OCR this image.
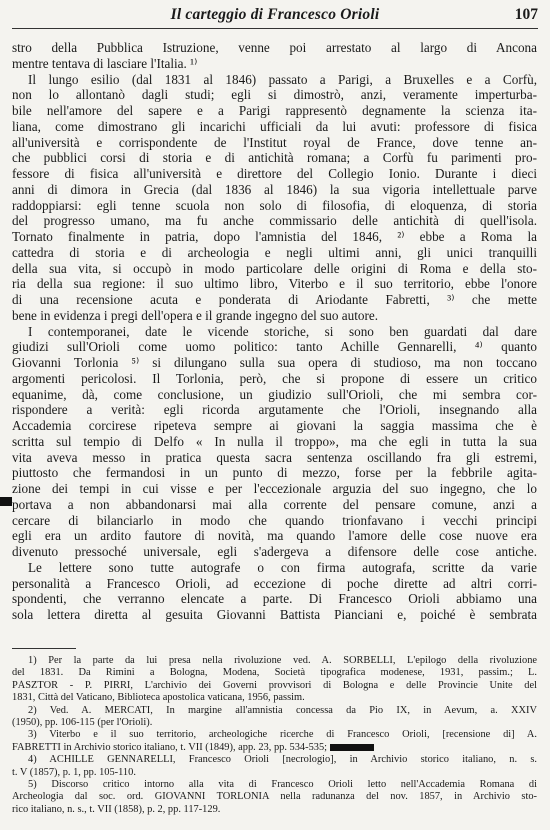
Il carteggio di Francesco Orioli	107
stro della Pubblica Istruzione, venne poi arrestato al largo di Ancona
mentre tentava di lasciare l'Italia. ¹⁾
Il lungo esilio (dal 1831 al 1846) passato a Parigi, a Bruxelles e a Corfù,
non lo allontanò dagli studi; egli si dimostrò, anzi, veramente imperturba-
bile nell'amore del sapere e a Parigi rappresentò degnamente la scienza ita-
liana, come dimostrano gli incarichi ufficiali da lui avuti: professore di fisica
all'università e corrispondente de l'Institut royal de France, dove tenne an-
che pubblici corsi di storia e di antichità romana; a Corfù fu parimenti pro-
fessore di fisica all'università e direttore del Collegio Ionio. Durante i dieci
anni di dimora in Grecia (dal 1836 al 1846) la sua vigoria intellettuale parve
raddoppiarsi: egli tenne scuola non solo di filosofia, di eloquenza, di storia
del progresso umano, ma fu anche commissario delle antichità di quell'isola.
Tornato finalmente in patria, dopo l'amnistia del 1846, ²⁾ ebbe a Roma la
cattedra di storia e di archeologia e negli ultimi anni, gli unici tranquilli
della sua vita, si occupò in modo particolare delle origini di Roma e della sto-
ria della sua regione: il suo ultimo libro, Viterbo e il suo territorio, ebbe l'onore
di una recensione acuta e ponderata di Ariodante Fabretti, ³⁾ che mette
bene in evidenza i pregi dell'opera e il grande ingegno del suo autore.
I contemporanei, date le vicende storiche, si sono ben guardati dal dare
giudizi sull'Orioli come uomo politico: tanto Achille Gennarelli, ⁴⁾ quanto
Giovanni Torlonia ⁵⁾ si dilungano sulla sua opera di studioso, ma non toccano
argomenti pericolosi. Il Torlonia, però, che si propone di essere un critico
equanime, dà, come conclusione, un giudizio sull'Orioli, che mi sembra cor-
rispondere a verità: egli ricorda argutamente che l'Orioli, insegnando alla
Accademia corcirese ripeteva sempre ai giovani la saggia massima che è
scritta sul tempio di Delfo « In nulla il troppo», ma che egli in tutta la sua
vita aveva messo in pratica questa sacra sentenza oscillando fra gli estremi,
piuttosto che fermandosi in un punto di mezzo, forse per la febbrile agita-
zione dei tempi in cui visse e per l'eccezionale arguzia del suo ingegno, che lo
portava a non abbandonarsi mai alla corrente del pensare comune, anzi a
cercare di bilanciarlo in modo che quando trionfavano i vecchi principi
egli era un ardito fautore di novità, ma quando l'amore delle cose nuove era
divenuto pressoché universale, egli s'adergeva a difensore delle cose antiche.
Le lettere sono tutte autografe o con firma autografa, scritte da varie
personalità a Francesco Orioli, ad eccezione di poche dirette ad altri corri-
spondenti, che verranno elencate a parte. Di Francesco Orioli abbiamo una
sola lettera diretta al gesuita Giovanni Battista Pianciani e, poiché è sembrata
1) Per la parte da lui presa nella rivoluzione ved. A. SORBELLI, L'epilogo della rivoluzione
del 1831. Da Rimini a Bologna, Modena, Società tipografica modenese, 1931, passim.; L.
PÁSZTOR - P. PIRRI, L'archivio dei Governi provvisori di Bologna e delle Provincie Unite del
1831, Città del Vaticano, Biblioteca apostolica vaticana, 1956, passim.
2) Ved. A. MERCATI, In margine all'amnistia concessa da Pio IX, in Aevum, a. XXIV
(1950), pp. 106-115 (per l'Orioli).
3) Viterbo e il suo territorio, archeologiche ricerche di Francesco Orioli, [recensione di] A.
FABRETTI in Archivio storico italiano, t. VII (1849), app. 23, pp. 534-535;
4) ACHILLE GENNARELLI, Francesco Orioli [necrologio], in Archivio storico italiano, n. s.
t. V (1857), p. 1, pp. 105-110.
5) Discorso critico intorno alla vita di Francesco Orioli letto nell'Accademia Romana di
Archeologia dal soc. ord. GIOVANNI TORLONIA nella radunanza del nov. 1857, in Archivio sto-
rico italiano, n. s., t. VII (1858), p. 2, pp. 117-129.
